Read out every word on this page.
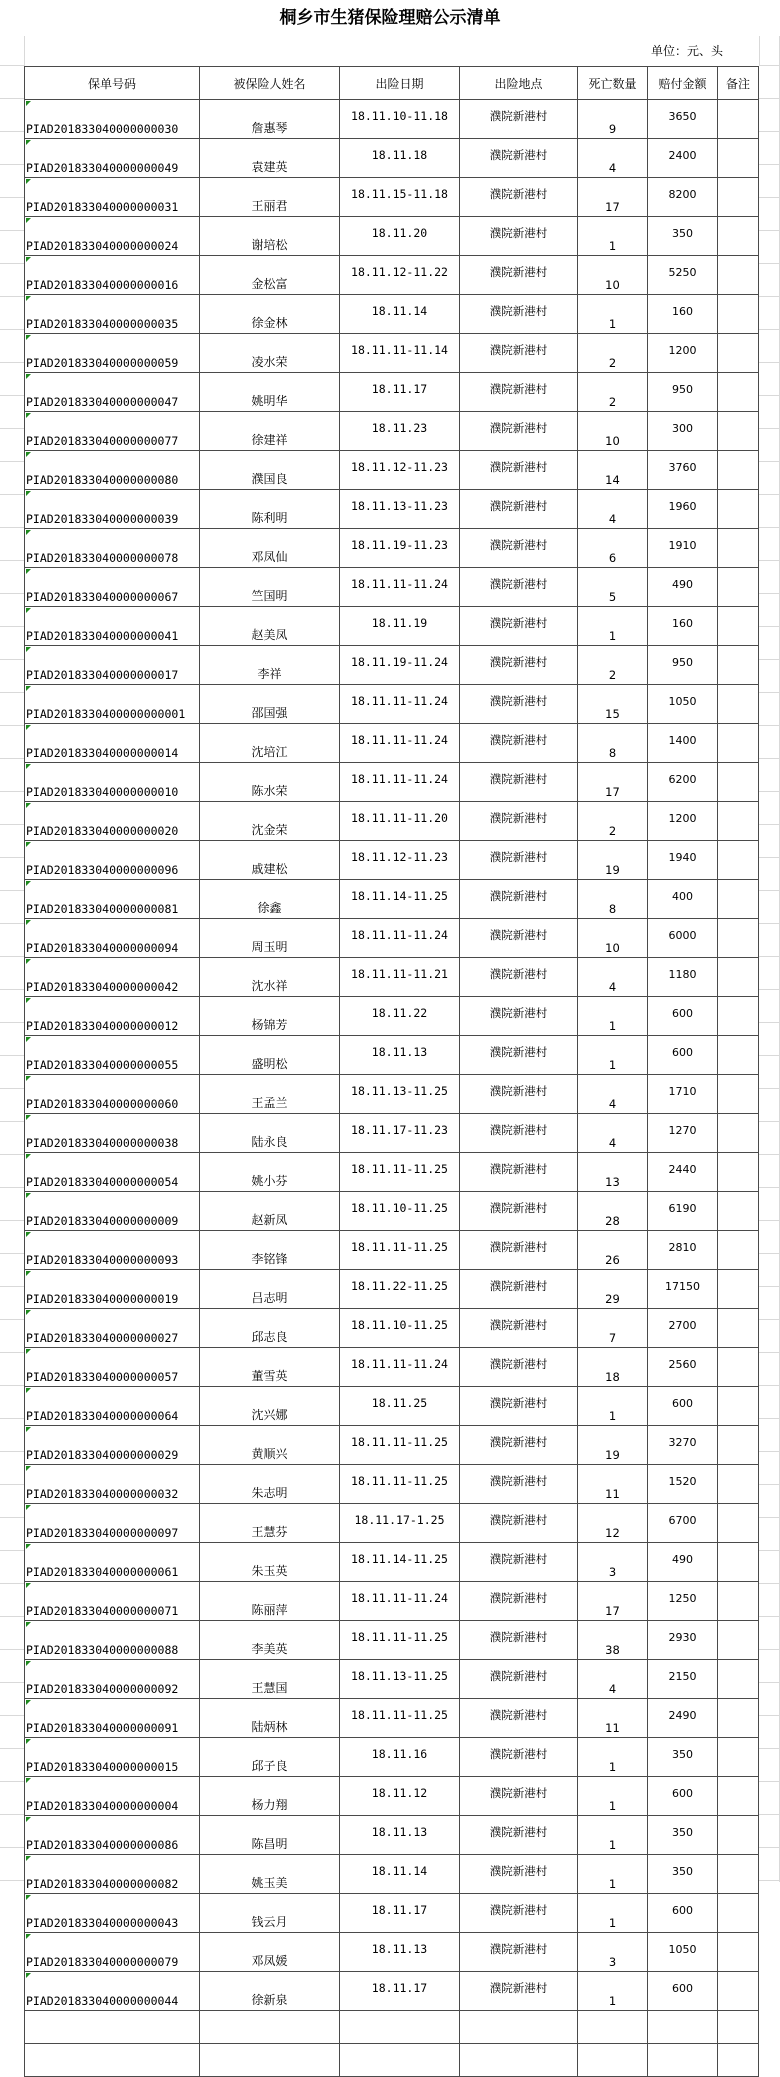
桐乡市生猪保险理赔公示清单
单位：元、头
保单号码	被保险人姓名	出险日期	出险地点	死亡数量	赔付金额	备注
PIAD201833040000000030	詹惠琴	18.11.10-11.18	濮院新港村	9	3650	
PIAD201833040000000049	袁建英	18.11.18	濮院新港村	4	2400	
PIAD201833040000000031	王丽君	18.11.15-11.18	濮院新港村	17	8200	
PIAD201833040000000024	谢培松	18.11.20	濮院新港村	1	350	
PIAD201833040000000016	金松富	18.11.12-11.22	濮院新港村	10	5250	
PIAD201833040000000035	徐金林	18.11.14	濮院新港村	1	160	
PIAD201833040000000059	凌水荣	18.11.11-11.14	濮院新港村	2	1200	
PIAD201833040000000047	姚明华	18.11.17	濮院新港村	2	950	
PIAD201833040000000077	徐建祥	18.11.23	濮院新港村	10	300	
PIAD201833040000000080	濮国良	18.11.12-11.23	濮院新港村	14	3760	
PIAD201833040000000039	陈利明	18.11.13-11.23	濮院新港村	4	1960	
PIAD201833040000000078	邓凤仙	18.11.19-11.23	濮院新港村	6	1910	
PIAD201833040000000067	竺国明	18.11.11-11.24	濮院新港村	5	490	
PIAD201833040000000041	赵美凤	18.11.19	濮院新港村	1	160	
PIAD201833040000000017	李祥	18.11.19-11.24	濮院新港村	2	950	
PIAD2018330400000000001	邵国强	18.11.11-11.24	濮院新港村	15	1050	
PIAD201833040000000014	沈培江	18.11.11-11.24	濮院新港村	8	1400	
PIAD201833040000000010	陈水荣	18.11.11-11.24	濮院新港村	17	6200	
PIAD201833040000000020	沈金荣	18.11.11-11.20	濮院新港村	2	1200	
PIAD201833040000000096	戚建松	18.11.12-11.23	濮院新港村	19	1940	
PIAD201833040000000081	徐鑫	18.11.14-11.25	濮院新港村	8	400	
PIAD201833040000000094	周玉明	18.11.11-11.24	濮院新港村	10	6000	
PIAD201833040000000042	沈水祥	18.11.11-11.21	濮院新港村	4	1180	
PIAD201833040000000012	杨锦芳	18.11.22	濮院新港村	1	600	
PIAD201833040000000055	盛明松	18.11.13	濮院新港村	1	600	
PIAD201833040000000060	王孟兰	18.11.13-11.25	濮院新港村	4	1710	
PIAD201833040000000038	陆永良	18.11.17-11.23	濮院新港村	4	1270	
PIAD201833040000000054	姚小芬	18.11.11-11.25	濮院新港村	13	2440	
PIAD201833040000000009	赵新凤	18.11.10-11.25	濮院新港村	28	6190	
PIAD201833040000000093	李铭锋	18.11.11-11.25	濮院新港村	26	2810	
PIAD201833040000000019	吕志明	18.11.22-11.25	濮院新港村	29	17150	
PIAD201833040000000027	邱志良	18.11.10-11.25	濮院新港村	7	2700	
PIAD201833040000000057	董雪英	18.11.11-11.24	濮院新港村	18	2560	
PIAD201833040000000064	沈兴娜	18.11.25	濮院新港村	1	600	
PIAD201833040000000029	黄顺兴	18.11.11-11.25	濮院新港村	19	3270	
PIAD201833040000000032	朱志明	18.11.11-11.25	濮院新港村	11	1520	
PIAD201833040000000097	王慧芬	18.11.17-1.25	濮院新港村	12	6700	
PIAD201833040000000061	朱玉英	18.11.14-11.25	濮院新港村	3	490	
PIAD201833040000000071	陈丽萍	18.11.11-11.24	濮院新港村	17	1250	
PIAD201833040000000088	李美英	18.11.11-11.25	濮院新港村	38	2930	
PIAD201833040000000092	王慧国	18.11.13-11.25	濮院新港村	4	2150	
PIAD201833040000000091	陆炳林	18.11.11-11.25	濮院新港村	11	2490	
PIAD201833040000000015	邱子良	18.11.16	濮院新港村	1	350	
PIAD201833040000000004	杨力翔	18.11.12	濮院新港村	1	600	
PIAD201833040000000086	陈昌明	18.11.13	濮院新港村	1	350	
PIAD201833040000000082	姚玉美	18.11.14	濮院新港村	1	350	
PIAD201833040000000043	钱云月	18.11.17	濮院新港村	1	600	
PIAD201833040000000079	邓凤媛	18.11.13	濮院新港村	3	1050	
PIAD201833040000000044	徐新泉	18.11.17	濮院新港村	1	600	
